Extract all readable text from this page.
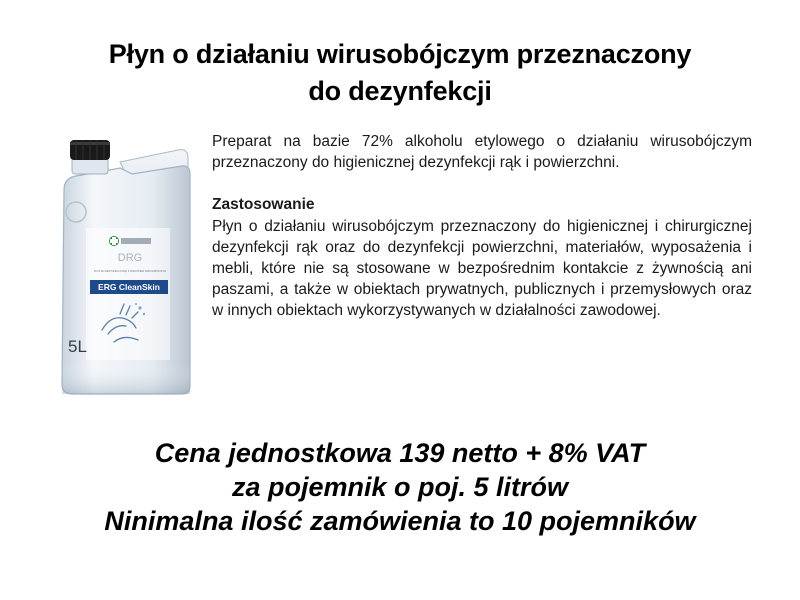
Płyn o działaniu wirusobójczym przeznaczony
do dezynfekcji
DRG
PŁYN DO DEZYNFEKCJI RĄK Z DODATKIEM WIRUSOBÓJCZYM
ERG CleanSkin
5L

Preparat na bazie 72% alkoholu etylowego o działaniu wirusobójczym przeznaczony do higienicznej dezynfekcji rąk i powierzchni.

Zastosowanie

Płyn o działaniu wirusobójczym przeznaczony do higienicznej i chirurgicznej dezynfekcji rąk oraz do dezynfekcji powierzchni, materiałów, wyposażenia i mebli, które nie są stosowane w bezpośrednim kontakcie z żywnością ani paszami, a także w obiektach prywatnych, publicznych i przemysłowych oraz w innych obiektach wykorzystywanych w działalności zawodowej.

Cena jednostkowa 139 netto + 8% VAT
za pojemnik o poj. 5 litrów
Ninimalna ilość zamówienia to 10 pojemników
